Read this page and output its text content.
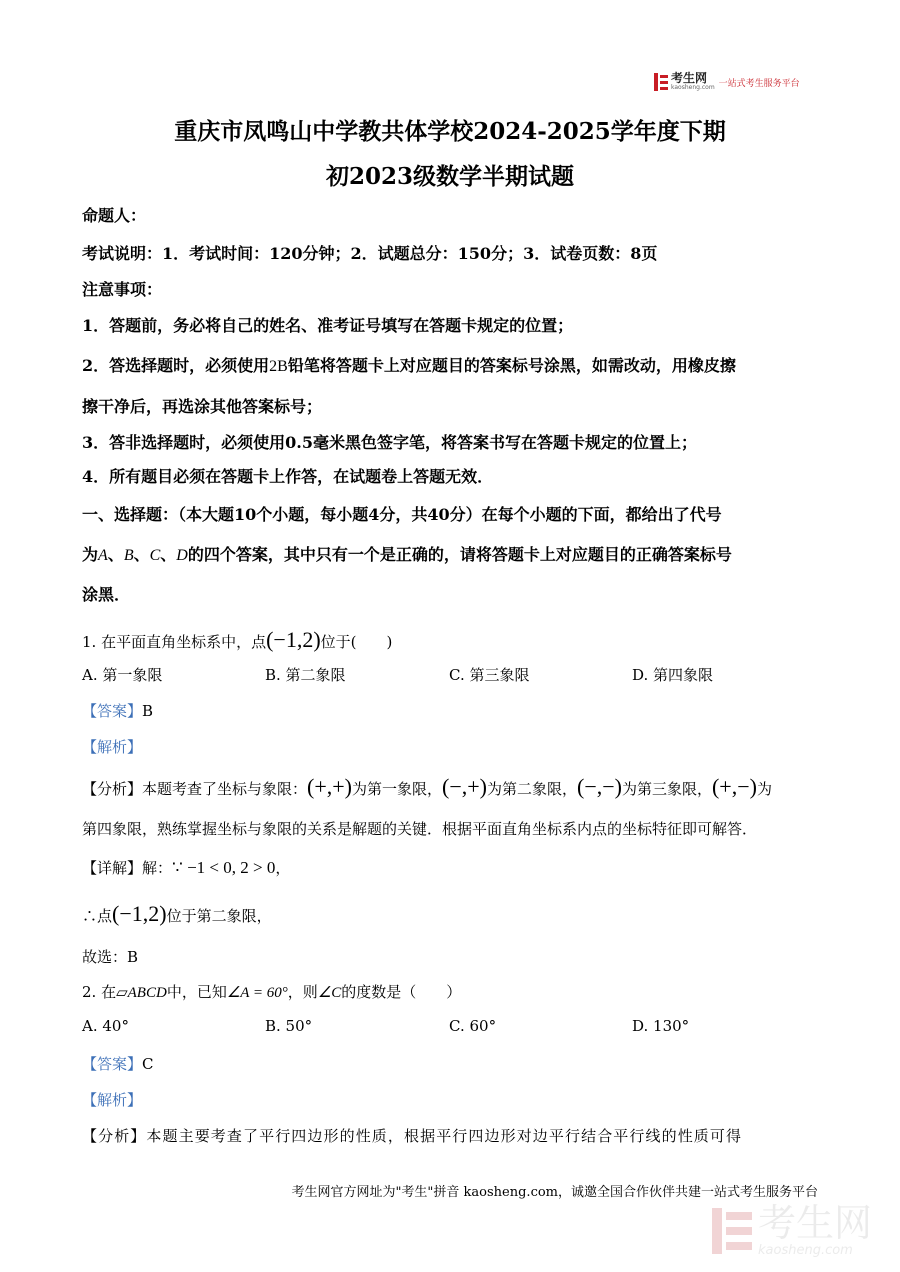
考生网
kaosheng.com 一站式考生服务平台
重庆市凤鸣山中学教共体学校2024-2025学年度下期
初2023级数学半期试题
命题人：
考试说明：1．考试时间：120分钟；2．试题总分：150分；3．试卷页数：8页
注意事项：
1．答题前，务必将自己的姓名、准考证号填写在答题卡规定的位置；
2．答选择题时，必须使用2B铅笔将答题卡上对应题目的答案标号涂黑，如需改动，用橡皮擦
擦干净后，再选涂其他答案标号；
3．答非选择题时，必须使用0.5毫米黑色签字笔，将答案书写在答题卡规定的位置上；
4．所有题目必须在答题卡上作答，在试题卷上答题无效．
一、选择题：（本大题10个小题，每小题4分，共40分）在每个小题的下面，都给出了代号
为A、B、C、D的四个答案，其中只有一个是正确的，请将答题卡上对应题目的正确答案标号
涂黑．
1. 在平面直角坐标系中，点(−1,2)位于(　　)
A. 第一象限	B. 第二象限	C. 第三象限	D. 第四象限
【答案】B
【解析】
【分析】本题考查了坐标与象限：(+,+)为第一象限，(−,+)为第二象限，(−,−)为第三象限，(+,−)为
第四象限，熟练掌握坐标与象限的关系是解题的关键．根据平面直角坐标系内点的坐标特征即可解答．
【详解】解：∵ −1 < 0, 2 > 0，
∴点(−1,2)位于第二象限，
故选：B
2. 在▱ABCD中，已知∠A = 60°，则∠C的度数是（　　）
A. 40°	B. 50°	C. 60°	D. 130°
【答案】C
【解析】
【分析】本题主要考查了平行四边形的性质，根据平行四边形对边平行结合平行线的性质可得
考生网官方网址为"考生"拼音 kaosheng.com，诚邀全国合作伙伴共建一站式考生服务平台
考生网
kaosheng.com
